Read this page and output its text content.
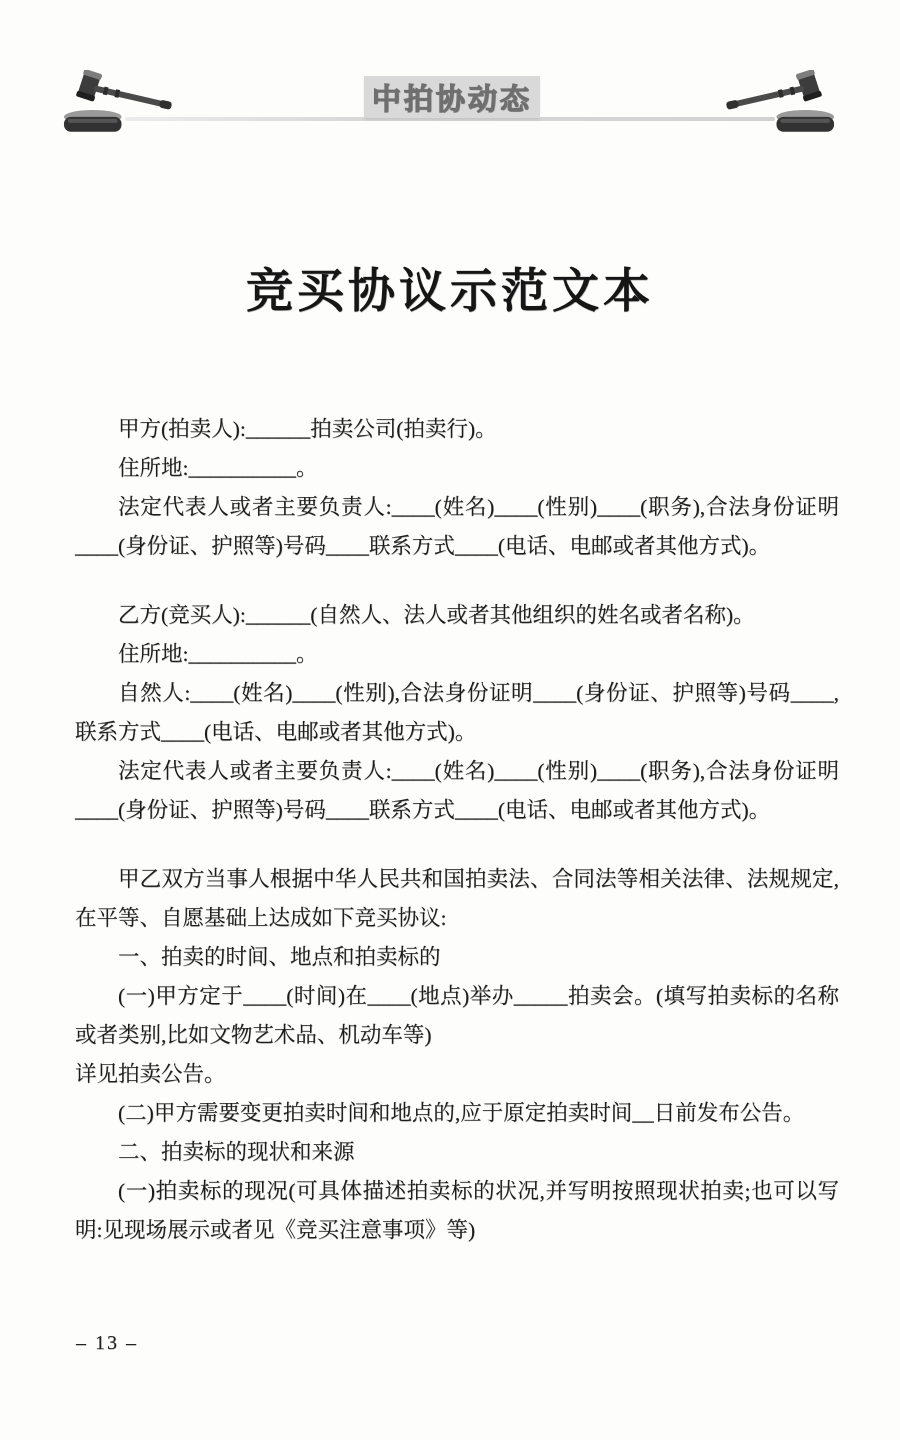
中拍协动态
竞买协议示范文本

甲方(拍卖人):______拍卖公司(拍卖行)。

住所地:__________。

法定代表人或者主要负责人:____(姓名)____(性别)____(职务),合法身份证明____(身份证、护照等)号码____联系方式____(电话、电邮或者其他方式)。

乙方(竞买人):______(自然人、法人或者其他组织的姓名或者名称)。

住所地:__________。

自然人:____(姓名)____(性别),合法身份证明____(身份证、护照等)号码____,联系方式____(电话、电邮或者其他方式)。

法定代表人或者主要负责人:____(姓名)____(性别)____(职务),合法身份证明____(身份证、护照等)号码____联系方式____(电话、电邮或者其他方式)。

甲乙双方当事人根据中华人民共和国拍卖法、合同法等相关法律、法规规定,在平等、自愿基础上达成如下竞买协议:

一、拍卖的时间、地点和拍卖标的

(一)甲方定于____(时间)在____(地点)举办_____拍卖会。(填写拍卖标的名称或者类别,比如文物艺术品、机动车等)

详见拍卖公告。

(二)甲方需要变更拍卖时间和地点的,应于原定拍卖时间__日前发布公告。

二、拍卖标的现状和来源

(一)拍卖标的现况(可具体描述拍卖标的状况,并写明按照现状拍卖;也可以写明:见现场展示或者见《竞买注意事项》等)

– 13 –
